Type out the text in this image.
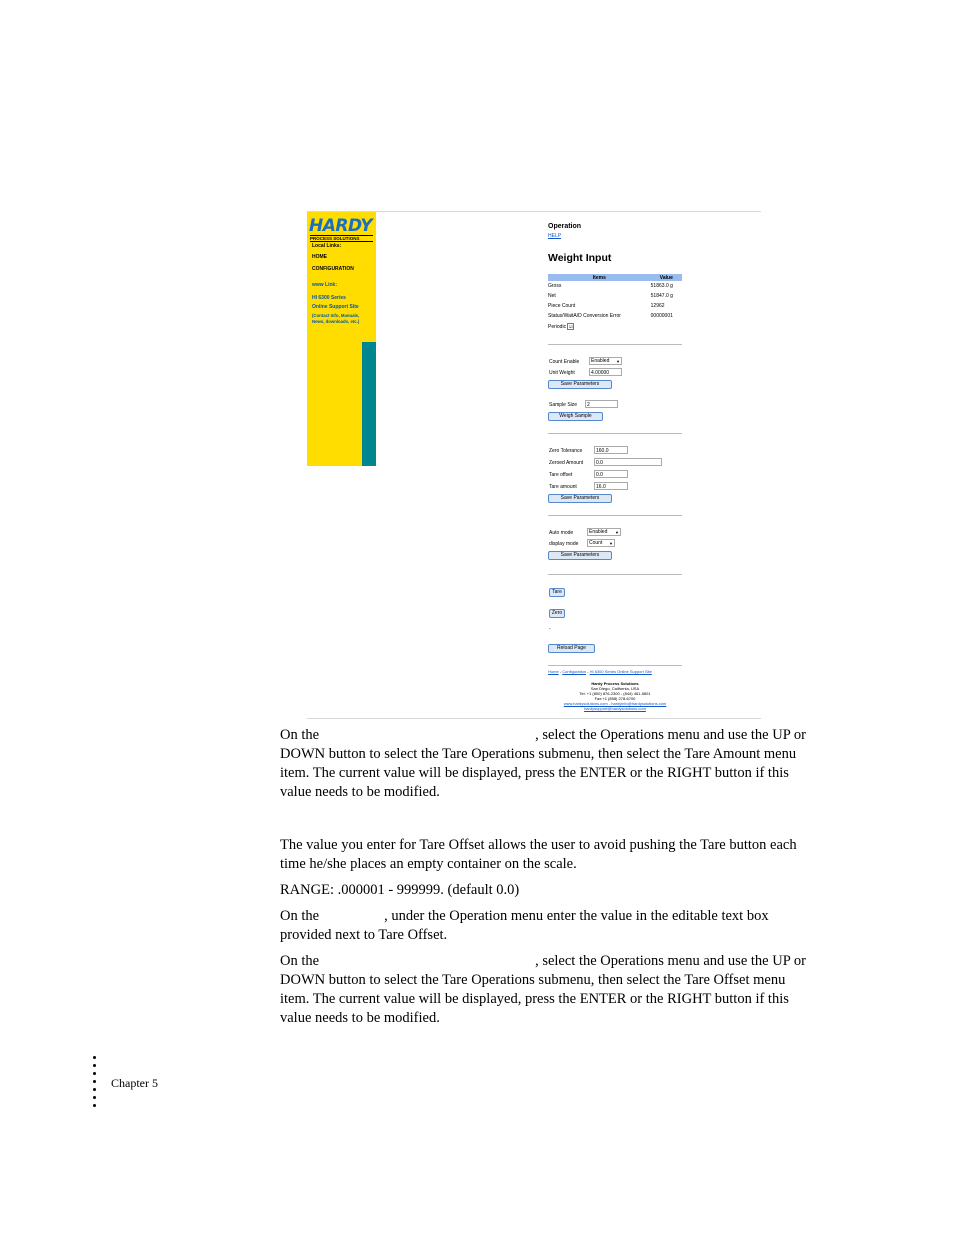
HARDY
PROCESS SOLUTIONS
Local Links:
HOME
CONFIGURATION
www Link:
HI 6300 Series
Online Support Site
(Contact Info, Manuals,
News, downloads, etc.)
Operation
HELP
Weight Input
Items	Value
Gross	51863.0 g
Net	51847.0 g
Piece Count	12962
Status/WaitA/D Conversion Error	00000001
Periodic ☑	
Count Enable	Enabled ▼
Unit Weight	4.00000
Save Parameters
Sample Size	2
Weigh Sample
Zero Tolerance	160.0
Zeroed Amount	0.0
Tare offset	0.0
Tare amount	16.0
Save Parameters
Auto mode	Enabled ▼
display mode	Count ▼
Save Parameters
Tare
Zero
-
Reload Page
Home - Configuration - HI 6300 Series Online Support Site
Hardy Process Solutions
San Diego, California, USA
Tel: +1 (800) 876-2300 - (844) 461-5601
Fax:+1 (858) 278-6700
www.hardysolutions.com - hardyinfo@hardysolutions.com
hardysupport@hardysolutions.com
On the	, select the Operations menu and use the UP or
DOWN button to select the Tare Operations submenu, then select the Tare Amount menu
item. The current value will be displayed, press the ENTER or the RIGHT button if this
value needs to be modified.
The value you enter for Tare Offset allows the user to avoid pushing the Tare button each
time he/she places an empty container on the scale.
RANGE: .000001 - 999999. (default 0.0)
On the	, under the Operation menu enter the value in the editable text box
provided next to Tare Offset.
On the	, select the Operations menu and use the UP or
DOWN button to select the Tare Operations submenu, then select the Tare Offset menu
item. The current value will be displayed, press the ENTER or the RIGHT button if this
value needs to be modified.
Chapter 5
